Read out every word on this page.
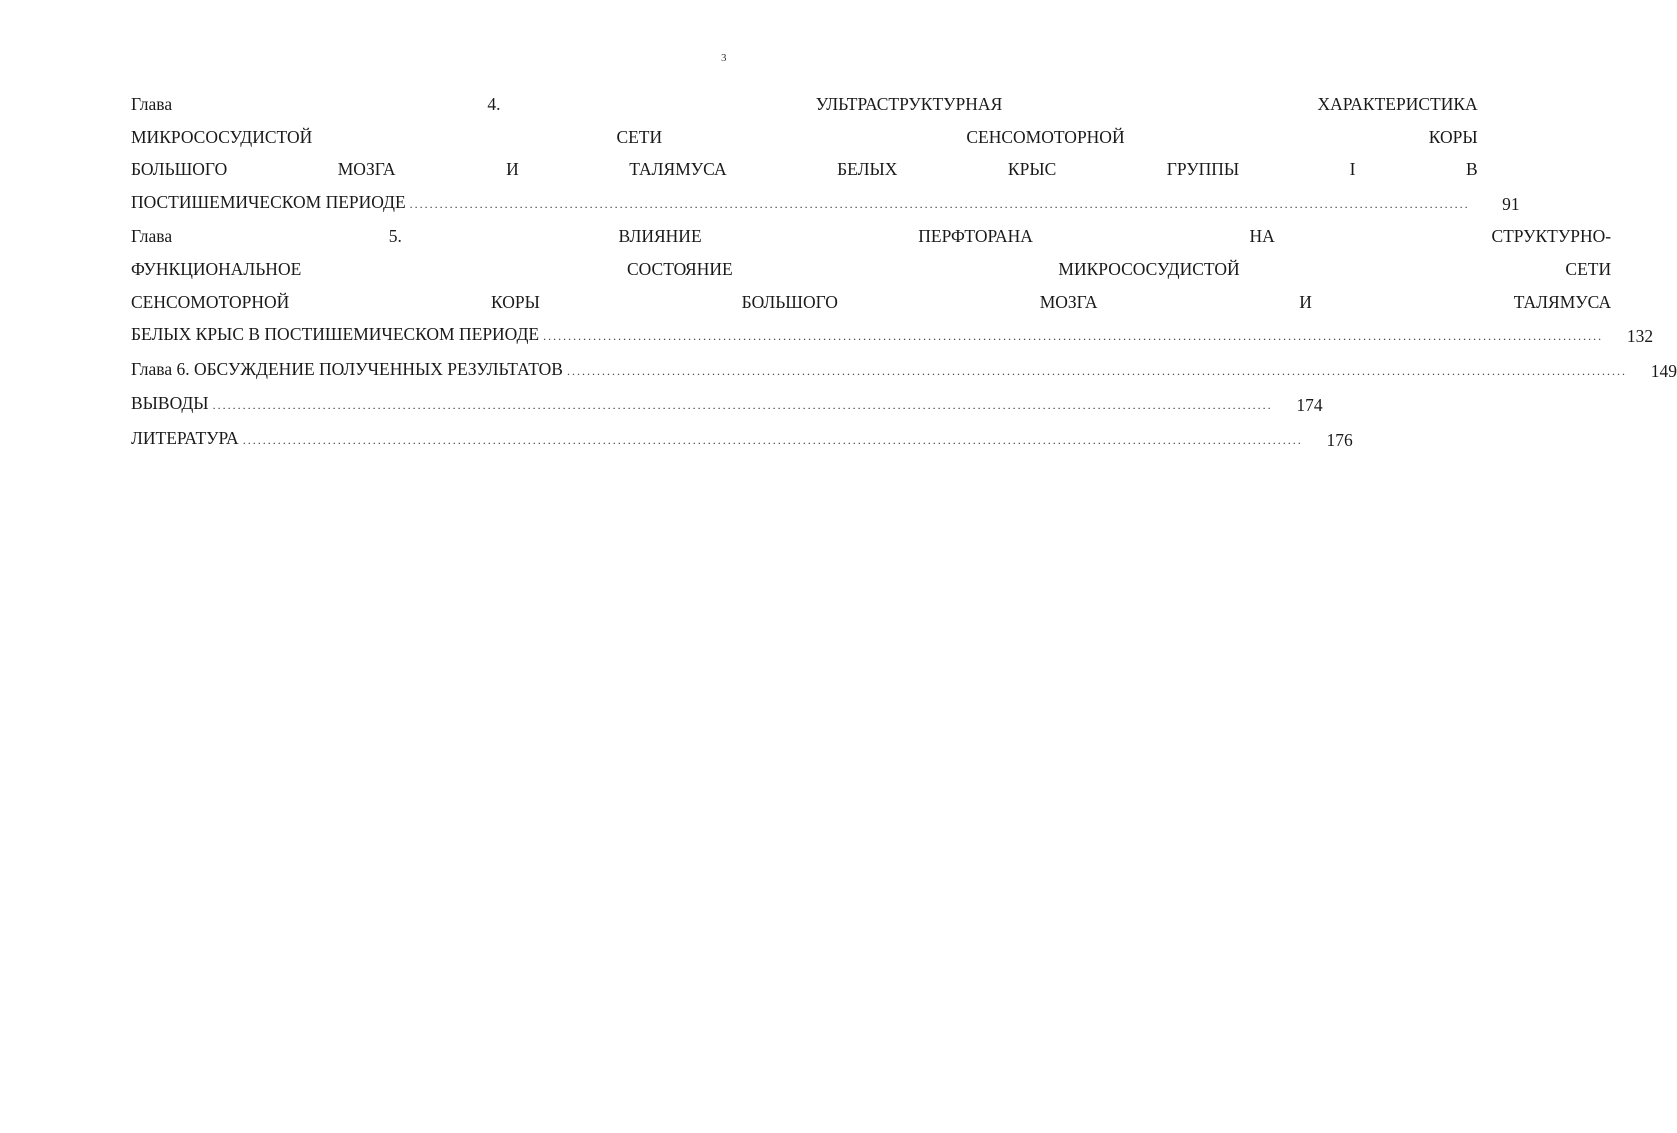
3
Глава 4. УЛЬТРАСТРУКТУРНАЯ ХАРАКТЕРИСТИКА
МИКРОСОСУДИСТОЙ СЕТИ СЕНСОМОТОРНОЙ КОРЫ
БОЛЬШОГО МОЗГА И ТАЛЯМУСА БЕЛЫХ КРЫС ГРУППЫ I В
ПОСТИШЕМИЧЕСКОМ ПЕРИОДЕ .....	91
Глава 5. ВЛИЯНИЕ ПЕРФТОРАНА НА СТРУКТУРНО-
ФУНКЦИОНАЛЬНОЕ СОСТОЯНИЕ МИКРОСОСУДИСТОЙ СЕТИ
СЕНСОМОТОРНОЙ КОРЫ БОЛЬШОГО МОЗГА И ТАЛЯМУСА
БЕЛЫХ КРЫС В ПОСТИШЕМИЧЕСКОМ ПЕРИОДЕ .....	132
Глава 6. ОБСУЖДЕНИЕ ПОЛУЧЕННЫХ РЕЗУЛЬТАТОВ .....	149
ВЫВОДЫ .....	174
ЛИТЕРАТУРА .....	176
